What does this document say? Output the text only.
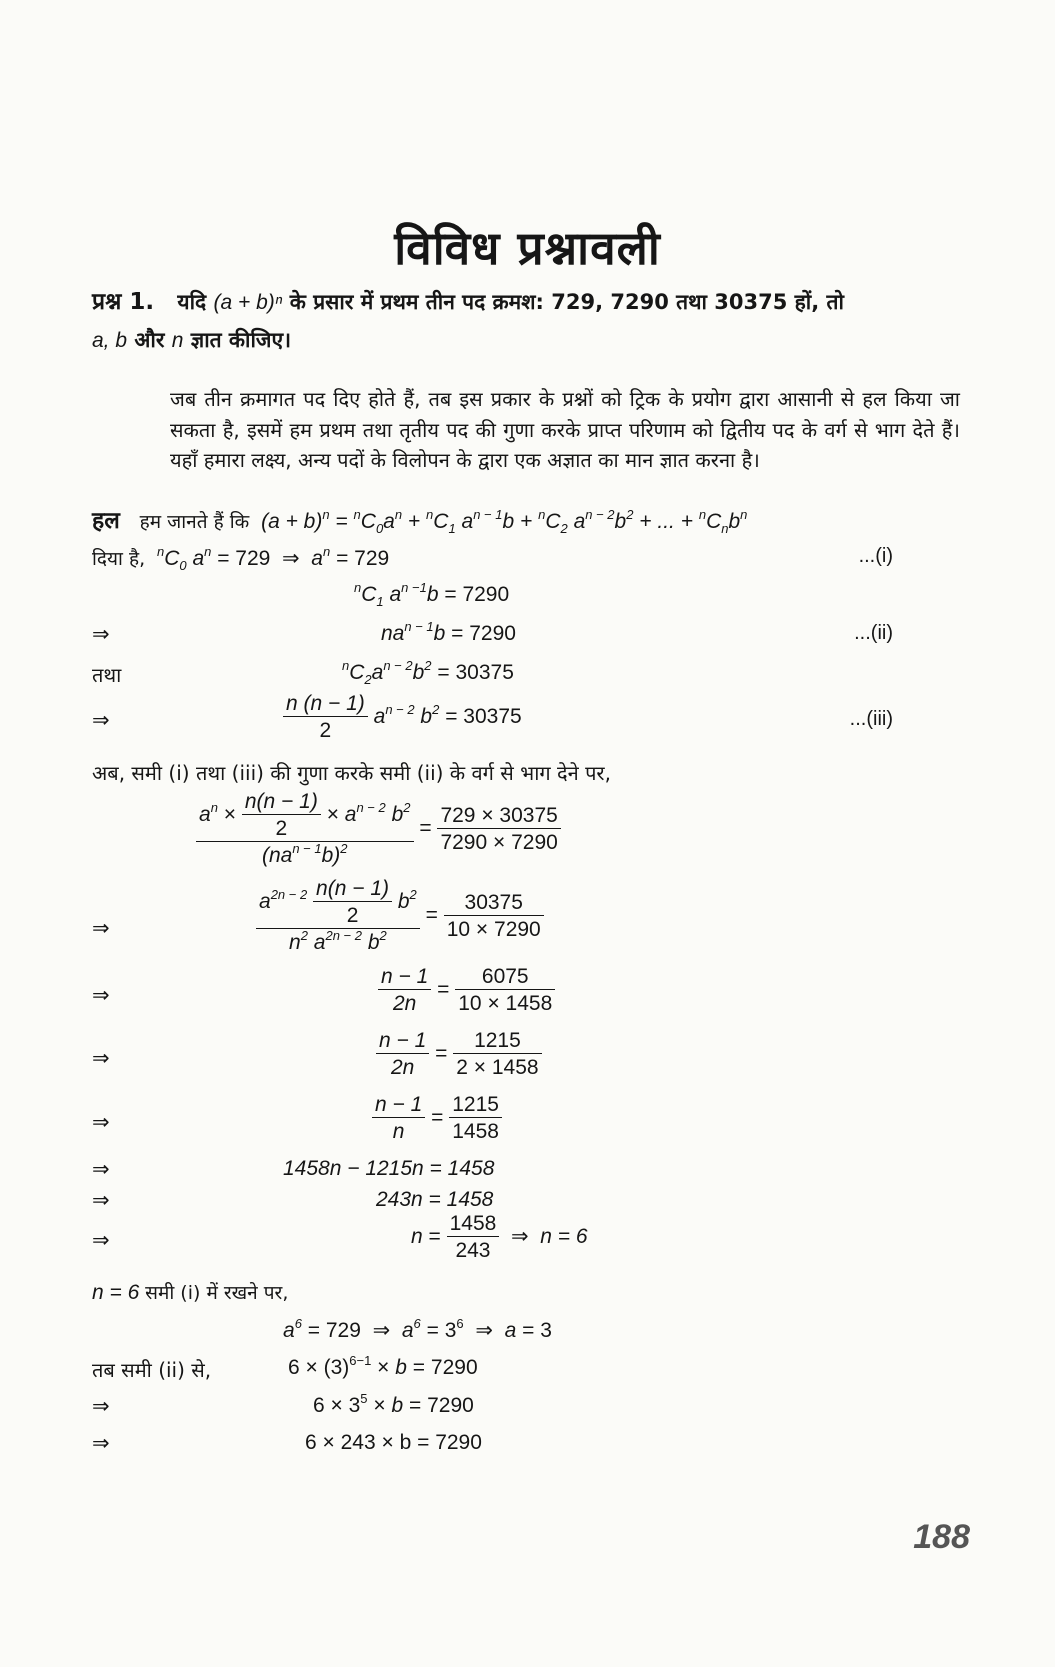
विविध प्रश्नावली
प्रश्न 1. यदि (a + b)ⁿ के प्रसार में प्रथम तीन पद क्रमश: 729, 7290 तथा 30375 हों, तो
a, b और n ज्ञात कीजिए।
जब तीन क्रमागत पद दिए होते हैं, तब इस प्रकार के प्रश्नों को ट्रिक के प्रयोग द्वारा आसानी से हल किया जा सकता है, इसमें हम प्रथम तथा तृतीय पद की गुणा करके प्राप्त परिणाम को द्वितीय पद के वर्ग से भाग देते हैं। यहाँ हमारा लक्ष्य, अन्य पदों के विलोपन के द्वारा एक अज्ञात का मान ज्ञात करना है।
हल हम जानते हैं कि $(a + b)^n = ^nC_0a^n + ^nC_1$ $a^{n - 1}b + ^nC_2$ $a^{n - 2}b^2$ + ... + $^nC_nb^n$
दिया है, $^nC_0$ $a^n = 729$ ⇒  $a^n = 729$	...(i)
$^nC_1$ $a^{n -1}b = 7290$
⇒	$na^{n - 1}b = 7290$	...(ii)
तथा	$^nC_2a^{n - 2}b^2 = 30375$
⇒	$\frac{n (n - 1)}{2} a^{n - 2}$ $b^2 = 30375$	...(iii)
अब, समी (i) तथा (iii) की गुणा करके समी (ii) के वर्ग से भाग देने पर,
$\frac{a^n \times \frac{n(n - 1)}{2} \times a^{n - 2} b^2}{(na^{n - 1}b)^2} = \frac{729 \times 30375}{7290 \times 7290}$
⇒	$\frac{a^{2n - 2} \frac{n(n - 1)}{2} b^2}{n^2 a^{2n - 2} b^2} = \frac{30375}{10 \times 7290}$
⇒	$\frac{n - 1}{2n} = \frac{6075}{10 \times 1458}$
⇒	$\frac{n - 1}{2n} = \frac{1215}{2 \times 1458}$
⇒	$\frac{n - 1}{n} = \frac{1215}{1458}$
⇒	1458n − 1215n = 1458
⇒	243n = 1458
⇒	$n = \frac{1458}{243}$ ⇒ n = 6
n = 6 समी (i) में रखने पर,
$a^6 = 729$ ⇒  $a^6 = 3^6$ ⇒  a = 3
तब समी (ii) से,	$6 \times (3)^{6-1} \times b = 7290$
⇒	$6 \times 3^5 \times b = 7290$
⇒	6 × 243 × b = 7290
188
